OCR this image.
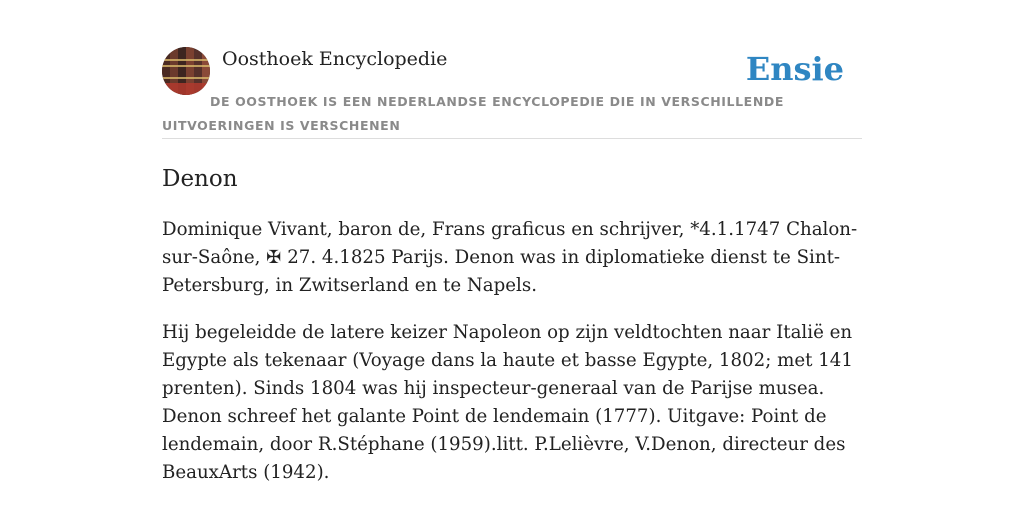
Oosthoek Encyclopedie	Ensie
DE OOSTHOEK IS EEN NEDERLANDSE ENCYCLOPEDIE DIE IN VERSCHILLENDE UITVOERINGEN IS VERSCHENEN
Denon

Dominique Vivant, baron de, Frans graficus en schrijver, *4.1.1747 Chalon-sur-Saône, ✠ 27. 4.1825 Parijs. Denon was in diplomatieke dienst te Sint-Petersburg, in Zwitserland en te Napels.

Hij begeleidde de latere keizer Napoleon op zijn veldtochten naar Italië en Egypte als tekenaar (Voyage dans la haute et basse Egypte, 1802; met 141 prenten). Sinds 1804 was hij inspecteur-generaal van de Parijse musea. Denon schreef het galante Point de lendemain (1777). Uitgave: Point de lendemain, door R.Stéphane (1959).litt. P.Lelièvre, V.Denon, directeur des BeauxArts (1942).
